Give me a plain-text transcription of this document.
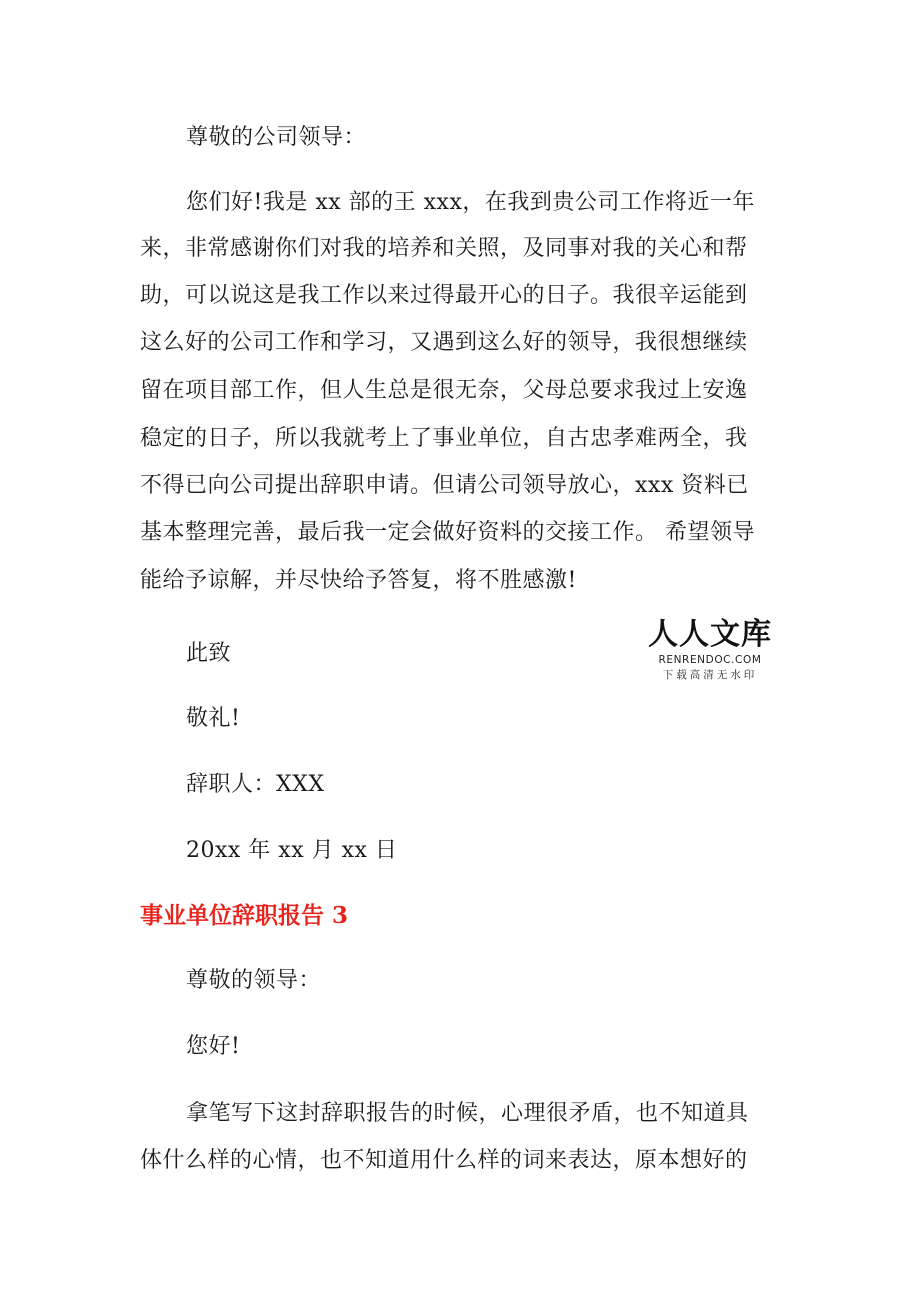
尊敬的公司领导：
您们好!我是 xx 部的王 xxx，在我到贵公司工作将近一年
来，非常感谢你们对我的培养和关照，及同事对我的关心和帮
助，可以说这是我工作以来过得最开心的日子。我很辛运能到
这么好的公司工作和学习，又遇到这么好的领导，我很想继续
留在项目部工作，但人生总是很无奈，父母总要求我过上安逸
稳定的日子，所以我就考上了事业单位，自古忠孝难两全，我
不得已向公司提出辞职申请。但请公司领导放心，xxx 资料已
基本整理完善，最后我一定会做好资料的交接工作。 希望领导
能给予谅解，并尽快给予答复，将不胜感激!
此致
敬礼!
辞职人：XXX
20xx 年 xx 月 xx 日
事业单位辞职报告 3
尊敬的领导：
您好!
拿笔写下这封辞职报告的时候，心理很矛盾，也不知道具
体什么样的心情，也不知道用什么样的词来表达，原本想好的
人人文库
RENRENDOC.COM
下载高清无水印
